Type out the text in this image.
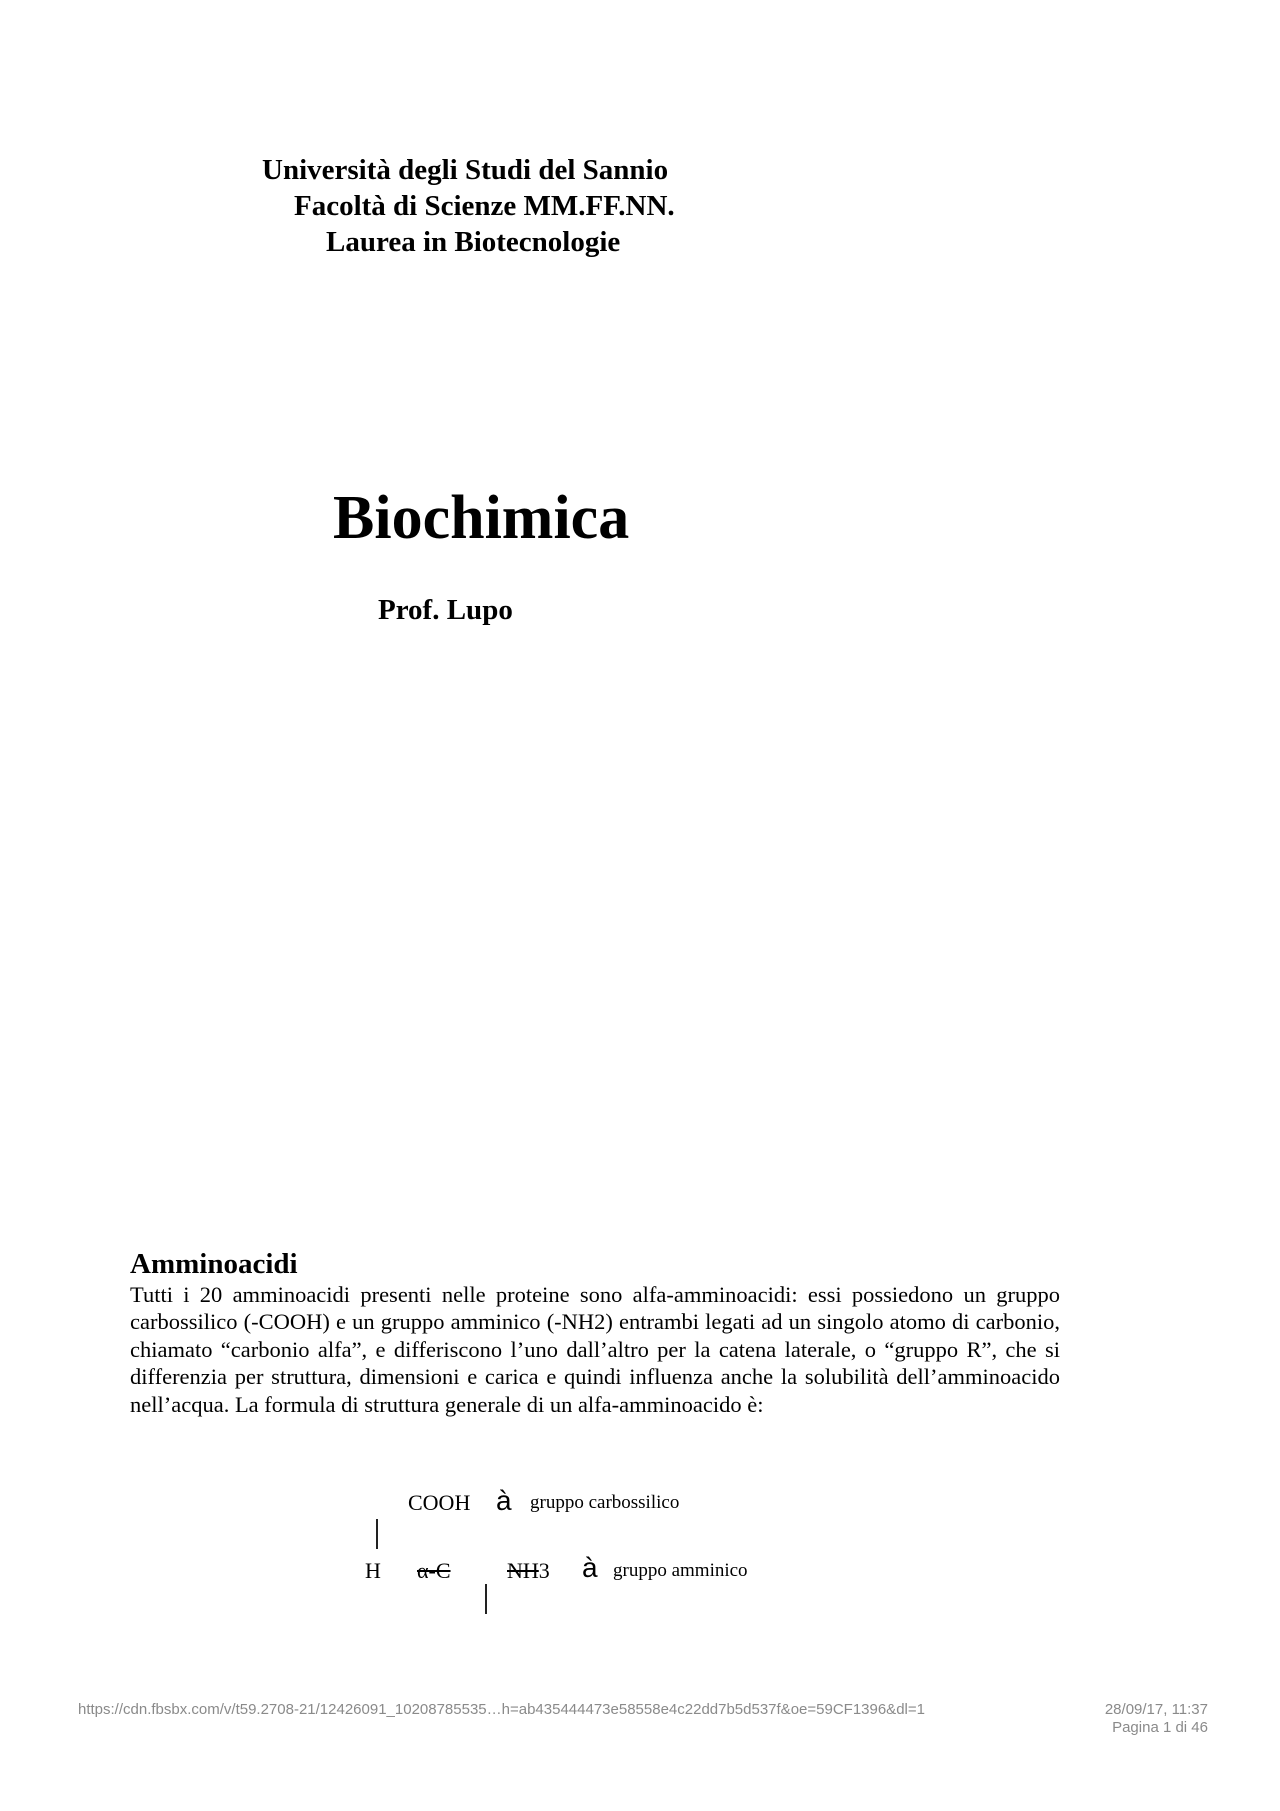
Università degli Studi del Sannio
Facoltà di Scienze MM.FF.NN.
Laurea in Biotecnologie
Biochimica
Prof. Lupo
Amminoacidi
Tutti i 20 amminoacidi presenti nelle proteine sono alfa-amminoacidi: essi possiedono un gruppo carbossilico (-COOH) e un gruppo amminico (-NH2) entrambi legati ad un singolo atomo di carbonio, chiamato “carbonio alfa”, e differiscono l’uno dall’altro per la catena laterale, o “gruppo R”, che si differenzia per struttura, dimensioni e carica e quindi influenza anche la solubilità dell’amminoacido nell’acqua. La formula di struttura generale di un alfa-amminoacido è:
COOH à gruppo carbossilico
H α-C	NH3 à gruppo amminico
https://cdn.fbsbx.com/v/t59.2708-21/12426091_10208785535…h=ab435444473e58558e4c22dd7b5d537f&oe=59CF1396&dl=1	28/09/17, 11:37
Pagina 1 di 46
